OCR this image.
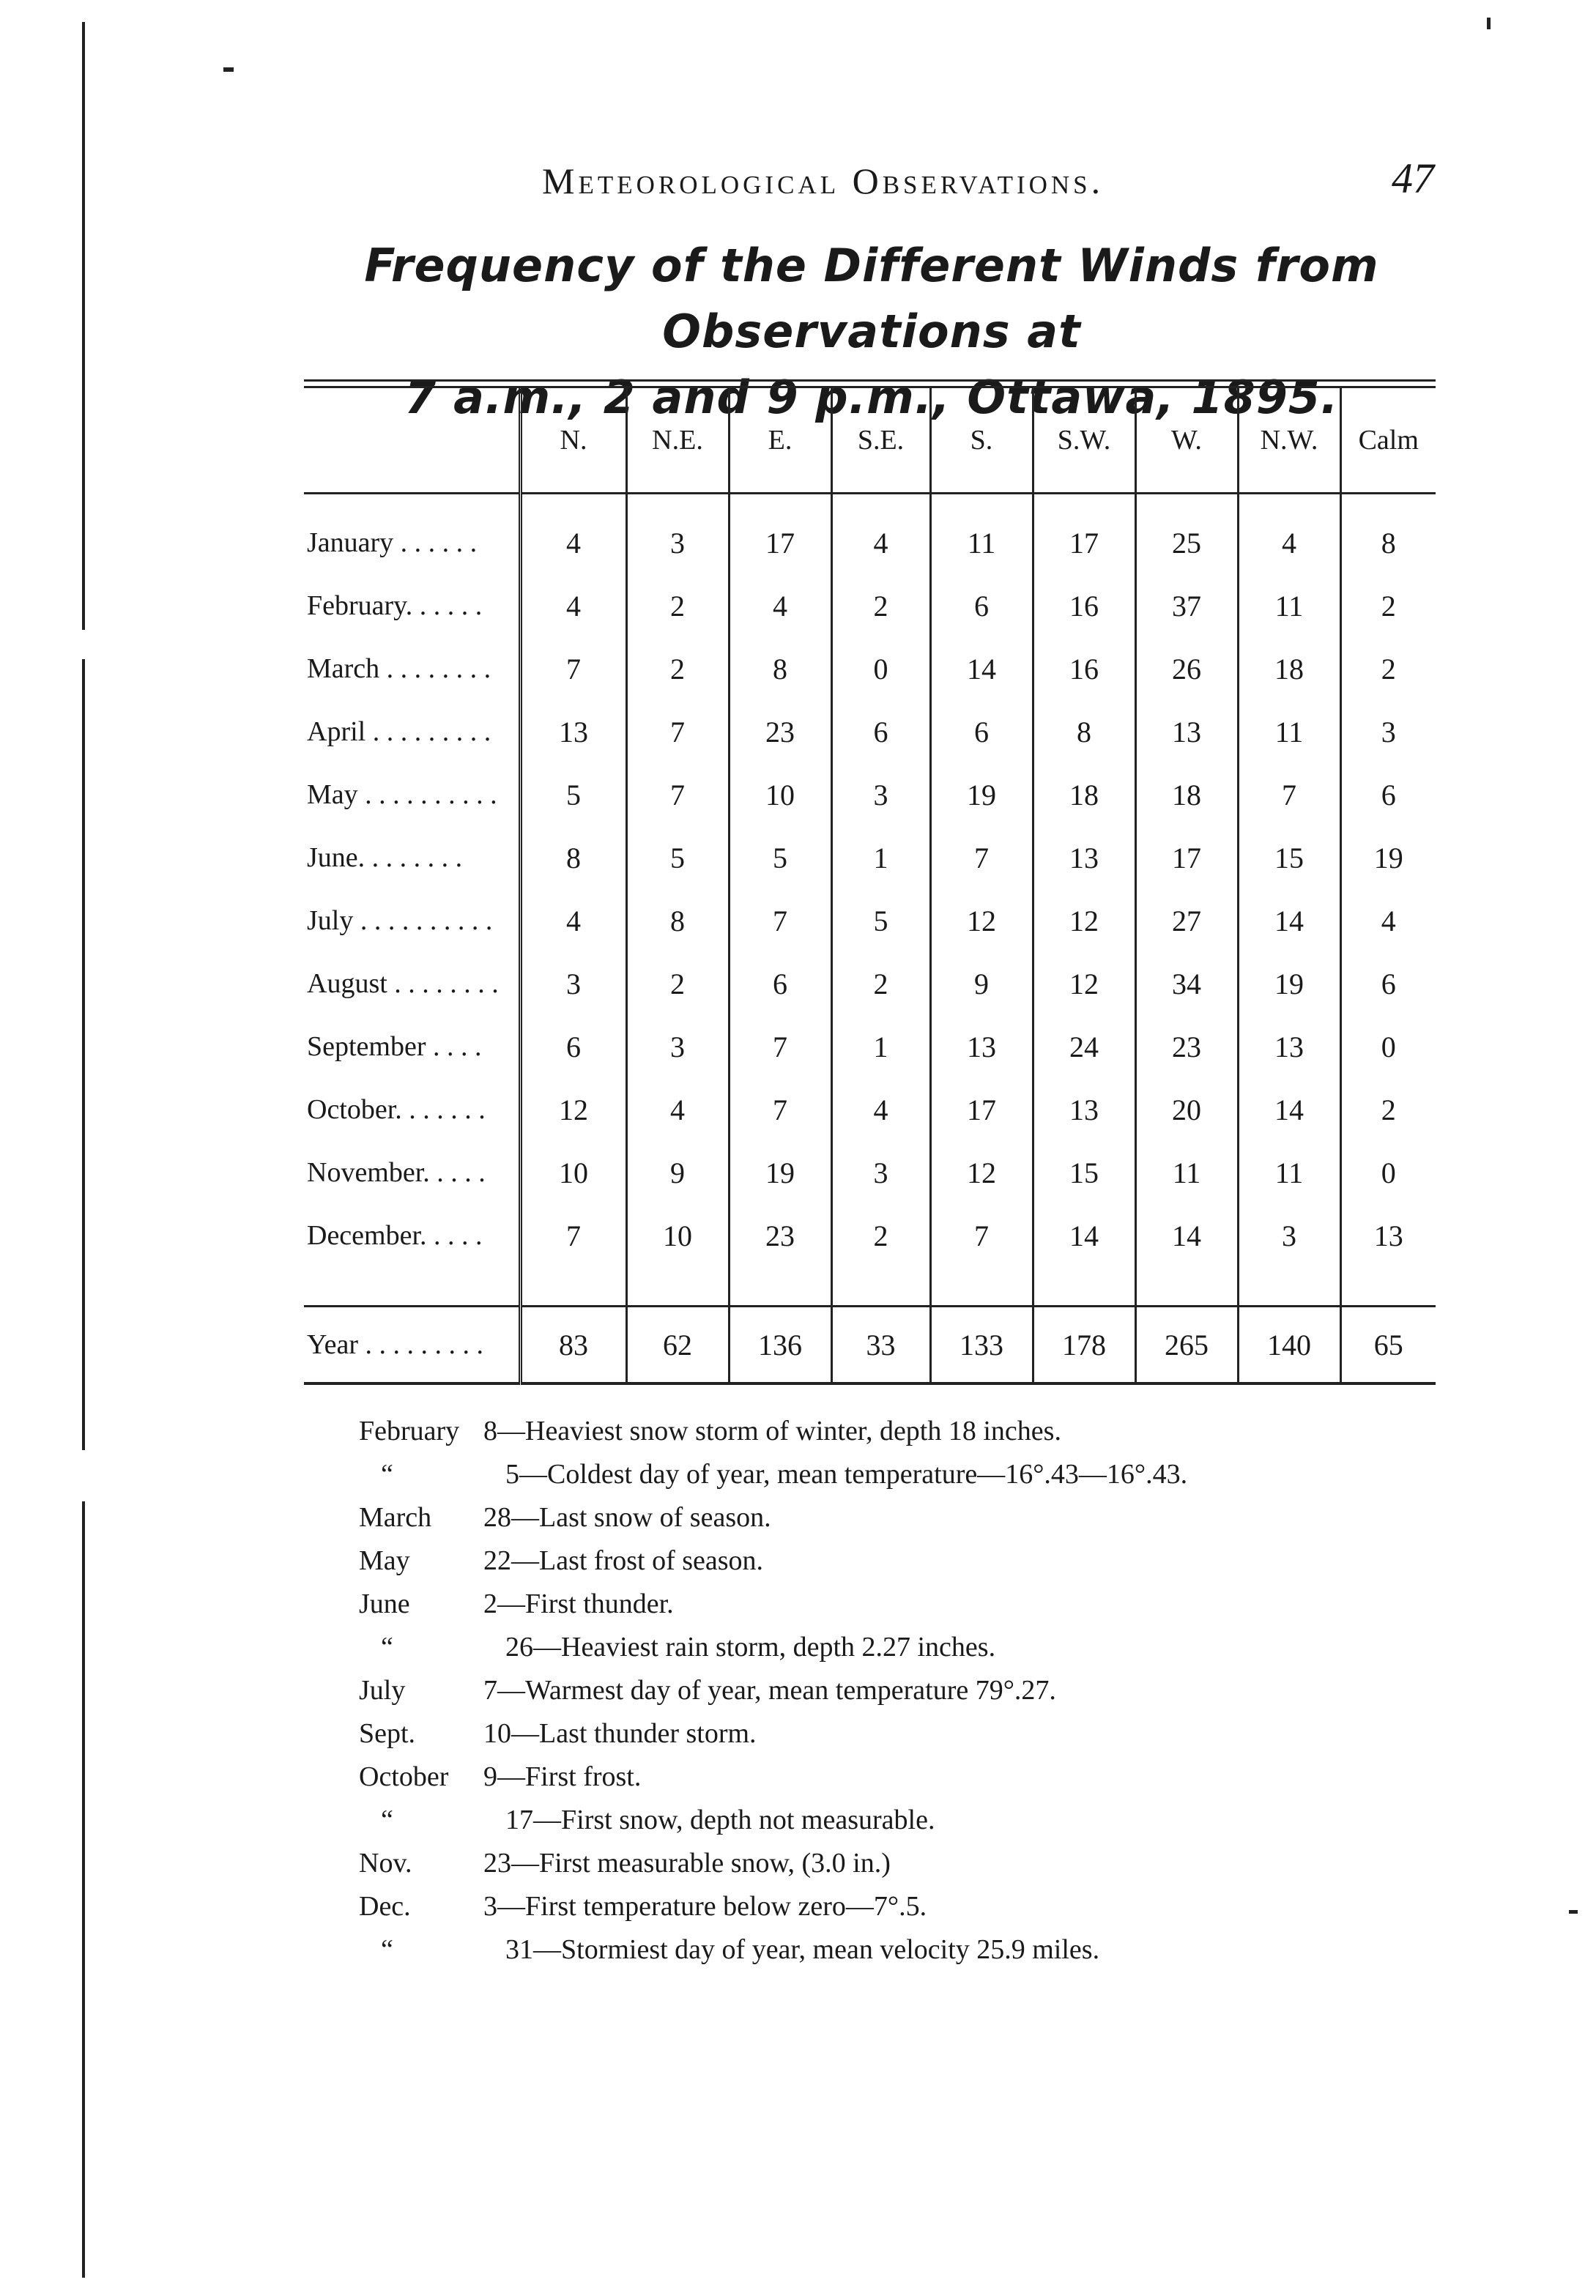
Meteorological Observations.	47
Frequency of the Different Winds from Observations at
7 a.m., 2 and 9 p.m., Ottawa, 1895.
	N.	N.E.	E.	S.E.	S.	S.W.	W.	N.W.	Calm
January . . . . . .	4	3	17	4	11	17	25	4	8
February. . . . . .	4	2	4	2	6	16	37	11	2
March . . . . . . . .	7	2	8	0	14	16	26	18	2
April . . . . . . . . .	13	7	23	6	6	8	13	11	3
May . . . . . . . . . .	5	7	10	3	19	18	18	7	6
June. . . . . . . .	8	5	5	1	7	13	17	15	19
July . . . . . . . . . .	4	8	7	5	12	12	27	14	4
August . . . . . . . .	3	2	6	2	9	12	34	19	6
September . . . .	6	3	7	1	13	24	23	13	0
October. . . . . . .	12	4	7	4	17	13	20	14	2
November. . . . .	10	9	19	3	12	15	11	11	0
December. . . . .	7	10	23	2	7	14	14	3	13

Year . . . . . . . . .	83	62	136	33	133	178	265	140	65
February 8—Heaviest snow storm of winter, depth 18 inches.
“	5—Coldest day of year, mean temperature—16°.43—16°.43.
March	28—Last snow of season.
May	22—Last frost of season.
June	2—First thunder.
“	26—Heaviest rain storm, depth 2.27 inches.
July	7—Warmest day of year, mean temperature 79°.27.
Sept.	10—Last thunder storm.
October	9—First frost.
“	17—First snow, depth not measurable.
Nov.	23—First measurable snow, (3.0 in.)
Dec.	3—First temperature below zero—7°.5.
“	31—Stormiest day of year, mean velocity 25.9 miles.
